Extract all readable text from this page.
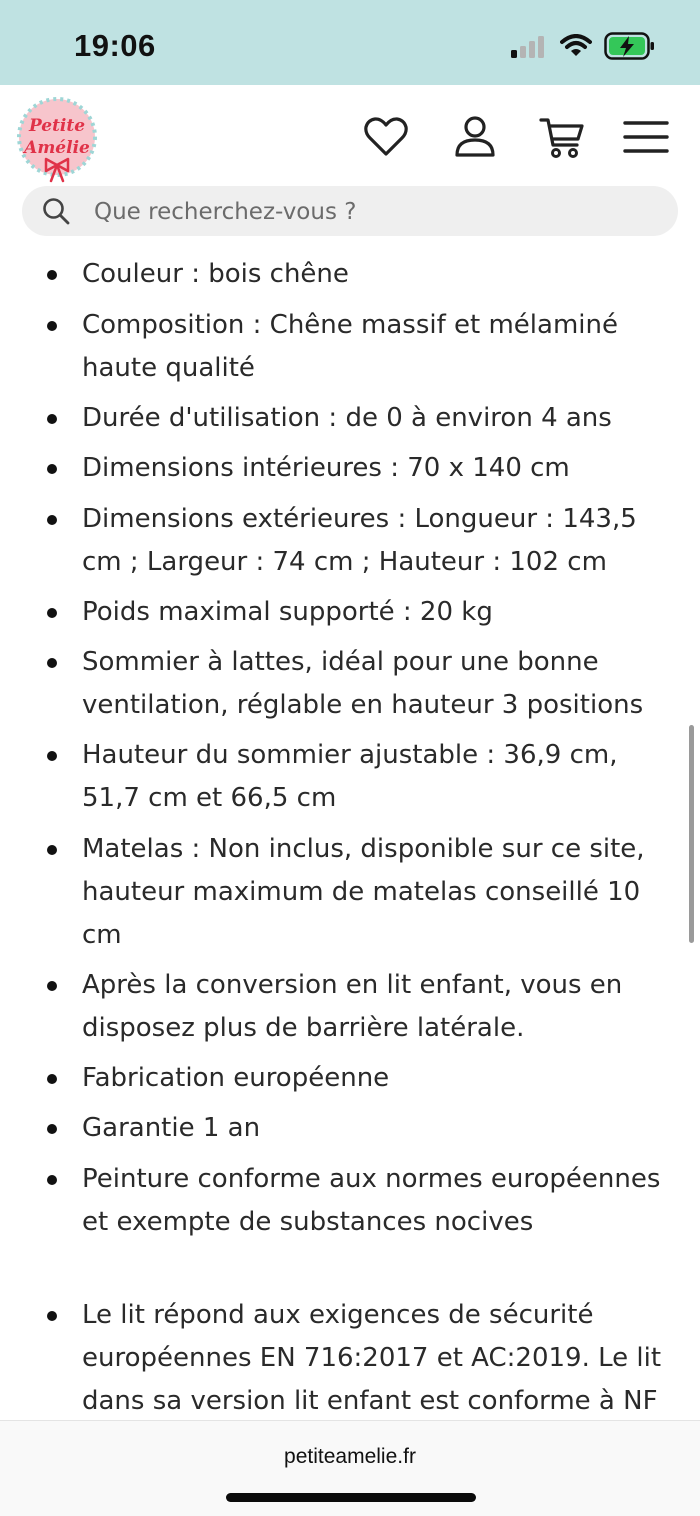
19:06
Petite
Amélie
Que recherchez-vous ?
Couleur : bois chêne
Composition : Chêne massif et mélaminé haute qualité
Durée d'utilisation : de 0 à environ 4 ans
Dimensions intérieures : 70 x 140 cm
Dimensions extérieures : Longueur : 143,5 cm ; Largeur : 74 cm ; Hauteur : 102 cm
Poids maximal supporté : 20 kg
Sommier à lattes, idéal pour une bonne ventilation, réglable en hauteur 3 positions
Hauteur du sommier ajustable : 36,9 cm, 51,7 cm et 66,5 cm
Matelas : Non inclus, disponible sur ce site, hauteur maximum de matelas conseillé 10 cm
Après la conversion en lit enfant, vous en disposez plus de barrière latérale.
Fabrication européenne
Garantie 1 an
Peinture conforme aux normes européennes et exempte de substances nocives
Le lit répond aux exigences de sécurité européennes EN 716:2017 et AC:2019. Le lit dans sa version lit enfant est conforme à NF
petiteamelie.fr
